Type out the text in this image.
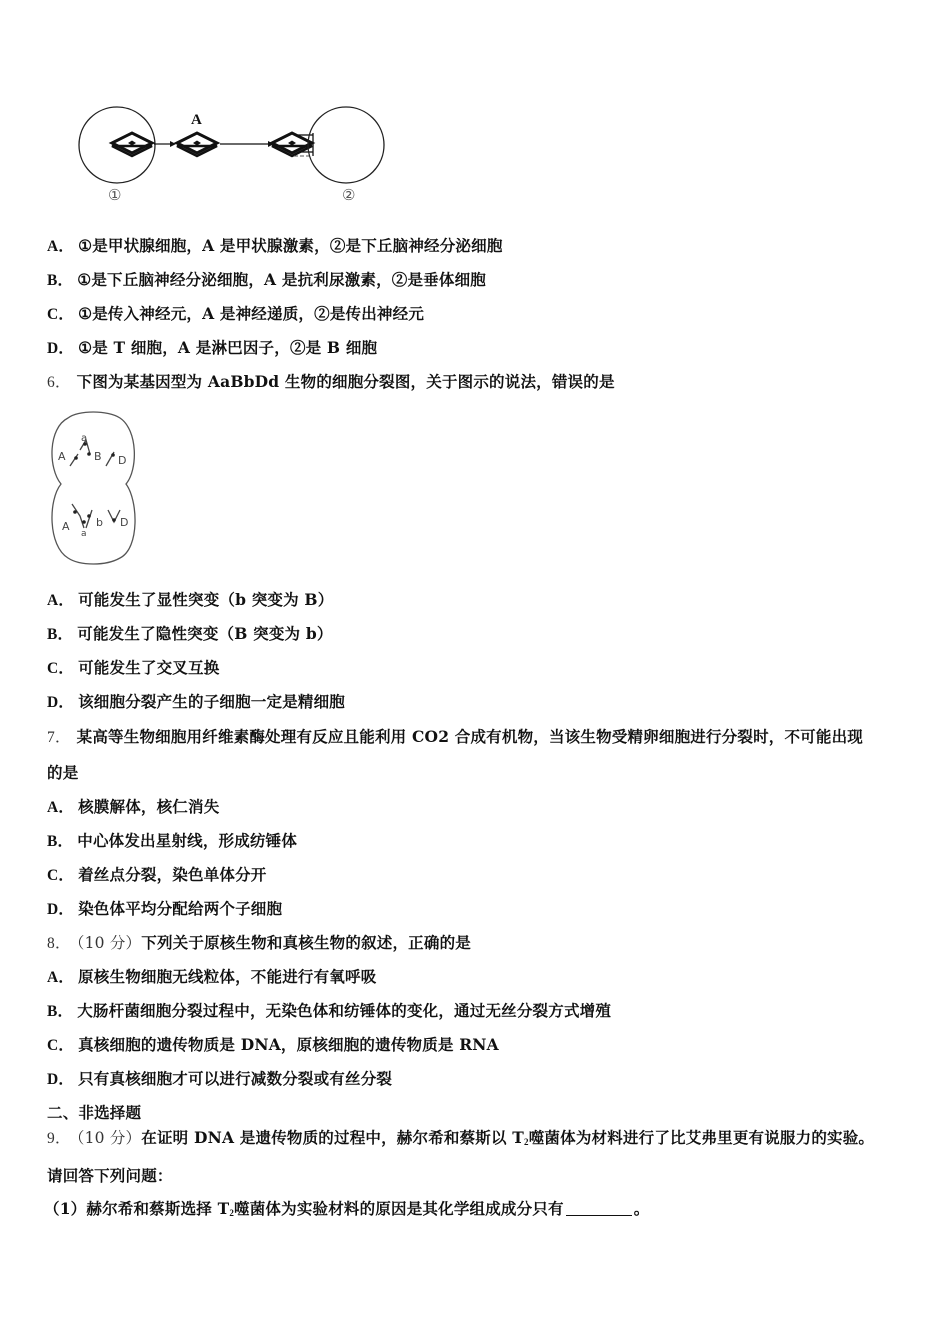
A
①	②
A． ①是甲状腺细胞，A 是甲状腺激素，②是下丘脑神经分泌细胞
B． ①是下丘脑神经分泌细胞，A 是抗利尿激素，②是垂体细胞
C． ①是传入神经元，A 是神经递质，②是传出神经元
D． ①是 T 细胞，A 是淋巴因子，②是 B 细胞
6． 下图为某基因型为 AaBbDd 生物的细胞分裂图，关于图示的说法，错误的是
A
a
B D
A
a
b D
A． 可能发生了显性突变（b 突变为 B）
B． 可能发生了隐性突变（B 突变为 b）
C． 可能发生了交叉互换
D． 该细胞分裂产生的子细胞一定是精细胞
7． 某高等生物细胞用纤维素酶处理有反应且能利用 CO2 合成有机物，当该生物受精卵细胞进行分裂时，不可能出现
的是
A． 核膜解体，核仁消失
B． 中心体发出星射线，形成纺锤体
C． 着丝点分裂，染色单体分开
D． 染色体平均分配给两个子细胞
8． （10 分）下列关于原核生物和真核生物的叙述，正确的是
A． 原核生物细胞无线粒体，不能进行有氧呼吸
B． 大肠杆菌细胞分裂过程中，无染色体和纺锤体的变化，通过无丝分裂方式增殖
C． 真核细胞的遗传物质是 DNA，原核细胞的遗传物质是 RNA
D． 只有真核细胞才可以进行减数分裂或有丝分裂
二、非选择题
9． （10 分）在证明 DNA 是遗传物质的过程中，赫尔希和蔡斯以 $T_2$噬菌体为材料进行了比艾弗里更有说服力的实验。
请回答下列问题：
（1）赫尔希和蔡斯选择 $T_2$噬菌体为实验材料的原因是其化学组成成分只有	。
